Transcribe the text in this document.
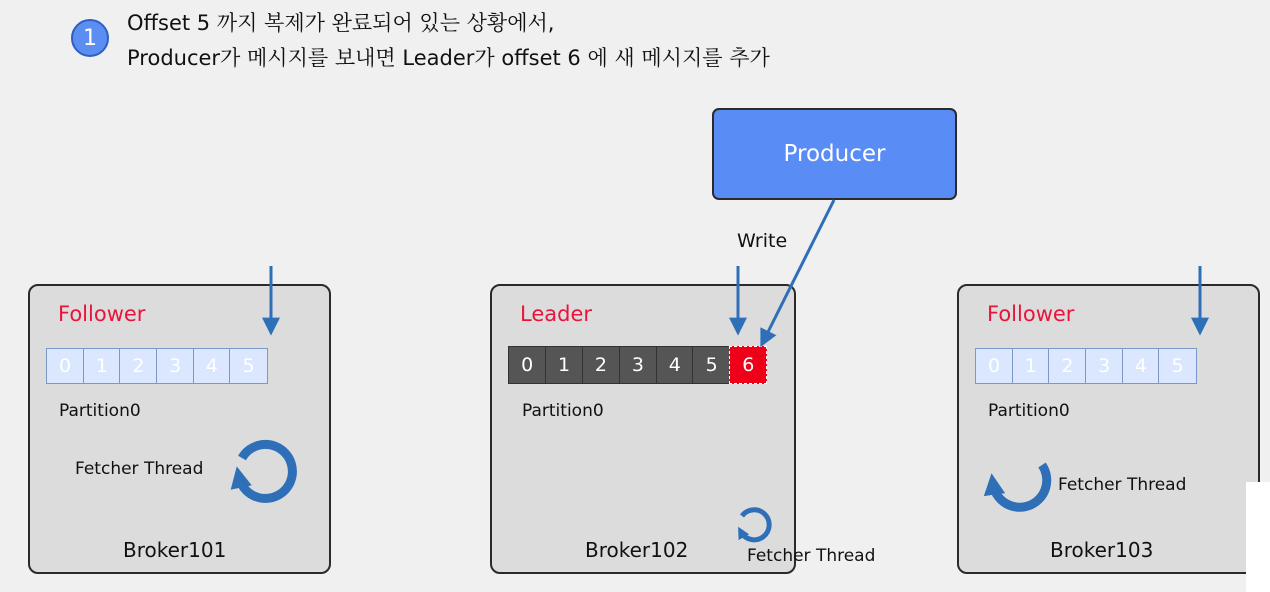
1
Offset 5 까지 복제가 완료되어 있는 상황에서,
Producer가 메시지를 보내면 Leader가 offset 6 에 새 메시지를 추가
Follower
0	1	2	3	4	5
Partition0
Fetcher Thread
Broker101
Leader
0	1	2	3	4	5	6
Partition0
Broker102	Fetcher Thread
Follower
0	1	2	3	4	5
Partition0
Fetcher Thread
Broker103
Producer
Write
